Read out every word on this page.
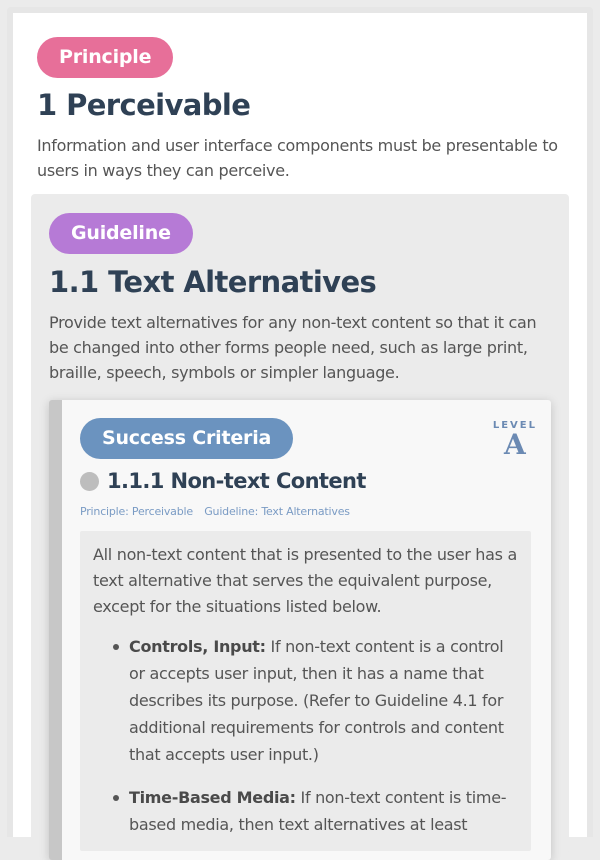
Principle
1 Perceivable

Information and user interface components must be presentable to users in ways they can perceive.

Guideline
1.1 Text Alternatives

Provide text alternatives for any non-text content so that it can be changed into other forms people need, such as large print, braille, speech, symbols or simpler language.

LEVEL
A
Success Criteria
1.1.1 Non-text Content
Principle: Perceivable Guideline: Text Alternatives

All non-text content that is presented to the user has a text alternative that serves the equivalent purpose, except for the situations listed below.

Controls, Input: If non-text content is a control or accepts user input, then it has a name that describes its purpose. (Refer to Guideline 4.1 for additional requirements for controls and content that accepts user input.)
Time-Based Media: If non-text content is time-based media, then text alternatives at least
